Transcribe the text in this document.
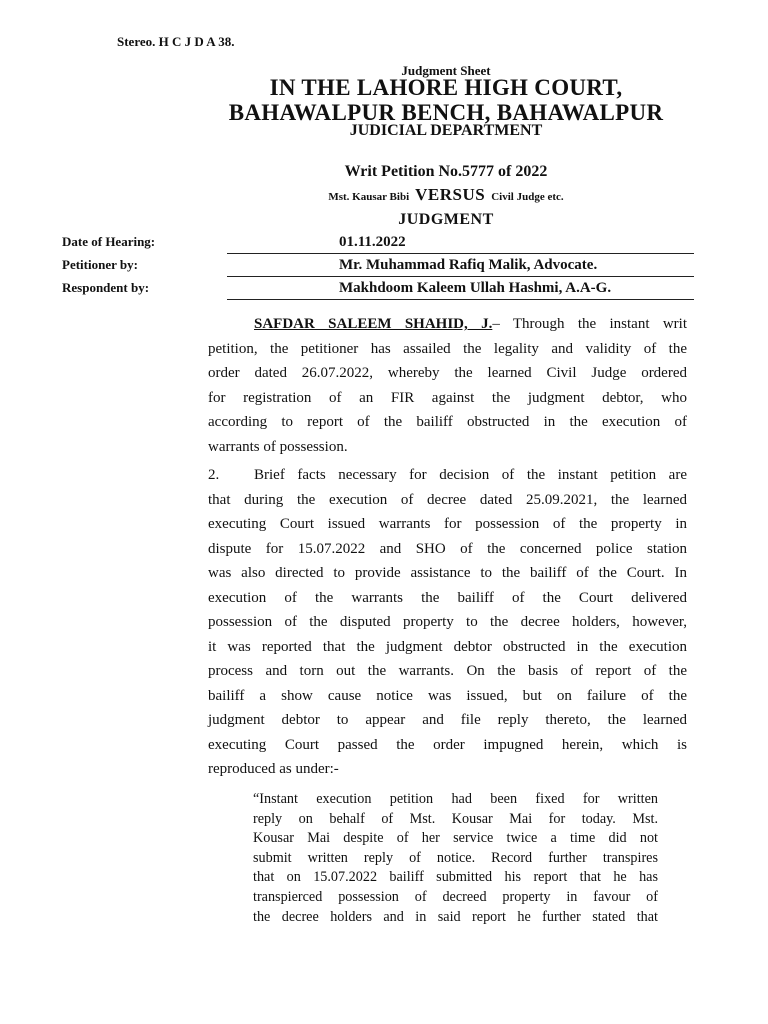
Stereo. H C J D A 38.
Judgment Sheet
IN THE LAHORE HIGH COURT,
BAHAWALPUR BENCH, BAHAWALPUR
JUDICIAL DEPARTMENT
Writ Petition No.5777 of 2022
Mst. Kausar Bibi VERSUS Civil Judge etc.
JUDGMENT
Date of Hearing:	01.11.2022
Petitioner by:	Mr. Muhammad Rafiq Malik, Advocate.
Respondent by:	Makhdoom Kaleem Ullah Hashmi, A.A-G.
SAFDAR SALEEM SHAHID, J.– Through the instant writ
petition, the petitioner has assailed the legality and validity of the
order dated 26.07.2022, whereby the learned Civil Judge ordered
for registration of an FIR against the judgment debtor, who
according to report of the bailiff obstructed in the execution of
warrants of possession.
2. Brief facts necessary for decision of the instant petition are
that during the execution of decree dated 25.09.2021, the learned
executing Court issued warrants for possession of the property in
dispute for 15.07.2022 and SHO of the concerned police station
was also directed to provide assistance to the bailiff of the Court. In
execution of the warrants the bailiff of the Court delivered
possession of the disputed property to the decree holders, however,
it was reported that the judgment debtor obstructed in the execution
process and torn out the warrants. On the basis of report of the
bailiff a show cause notice was issued, but on failure of the
judgment debtor to appear and file reply thereto, the learned
executing Court passed the order impugned herein, which is
reproduced as under:-
“Instant execution petition had been fixed for written
reply on behalf of Mst. Kousar Mai for today. Mst.
Kousar Mai despite of her service twice a time did not
submit written reply of notice. Record further transpires
that on 15.07.2022 bailiff submitted his report that he has
transpierced possession of decreed property in favour of
the decree holders and in said report he further stated that
